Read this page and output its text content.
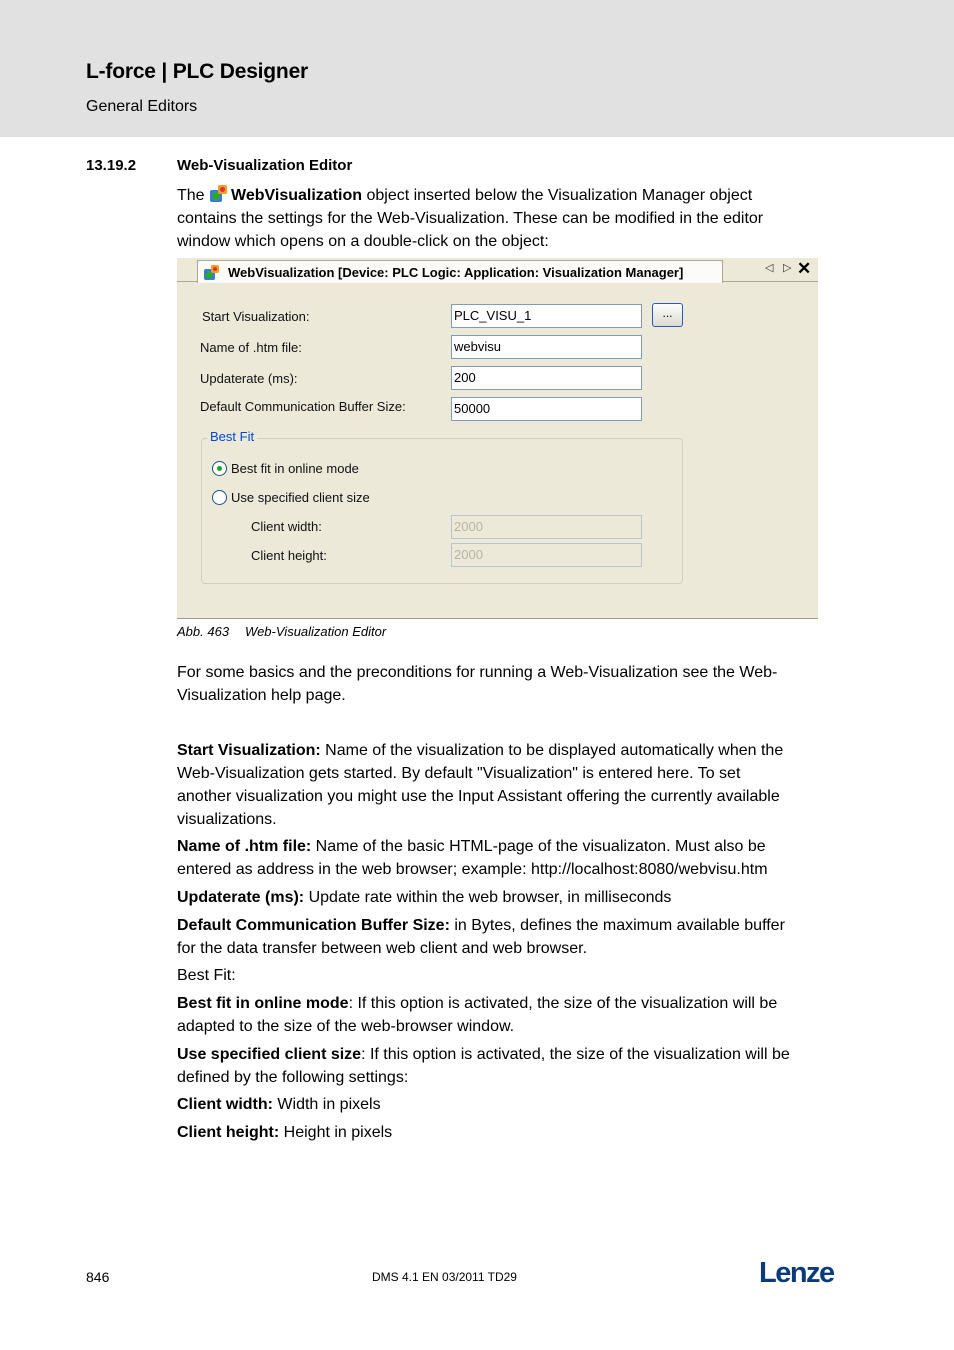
L-force | PLC Designer
General Editors
13.19.2	Web-Visualization Editor
The WebVisualization object inserted below the Visualization Manager object
contains the settings for the Web-Visualization. These can be modified in the editor
window which opens on a double-click on the object:
WebVisualization [Device: PLC Logic: Application: Visualization Manager]	◁ ▷ ✕
Start Visualization:	PLC_VISU_1	...
Name of .htm file:	webvisu
Updaterate (ms):	200
Default Communication Buffer Size:	50000
Best Fit
Best fit in online mode
Use specified client size
Client width:	2000
Client height:	2000
Abb. 463 Web-Visualization Editor
For some basics and the preconditions for running a Web-Visualization see the Web-
Visualization help page.
Start Visualization: Name of the visualization to be displayed automatically when the
Web-Visualization gets started. By default "Visualization" is entered here. To set
another visualization you might use the Input Assistant offering the currently available
visualizations.
Name of .htm file: Name of the basic HTML-page of the visualizaton. Must also be
entered as address in the web browser; example: http://localhost:8080/webvisu.htm
Updaterate (ms): Update rate within the web browser, in milliseconds
Default Communication Buffer Size: in Bytes, defines the maximum available buffer
for the data transfer between web client and web browser.
Best Fit:
Best fit in online mode: If this option is activated, the size of the visualization will be
adapted to the size of the web-browser window.
Use specified client size: If this option is activated, the size of the visualization will be
defined by the following settings:
Client width: Width in pixels
Client height: Height in pixels
846	DMS 4.1 EN 03/2011 TD29	Lenze
